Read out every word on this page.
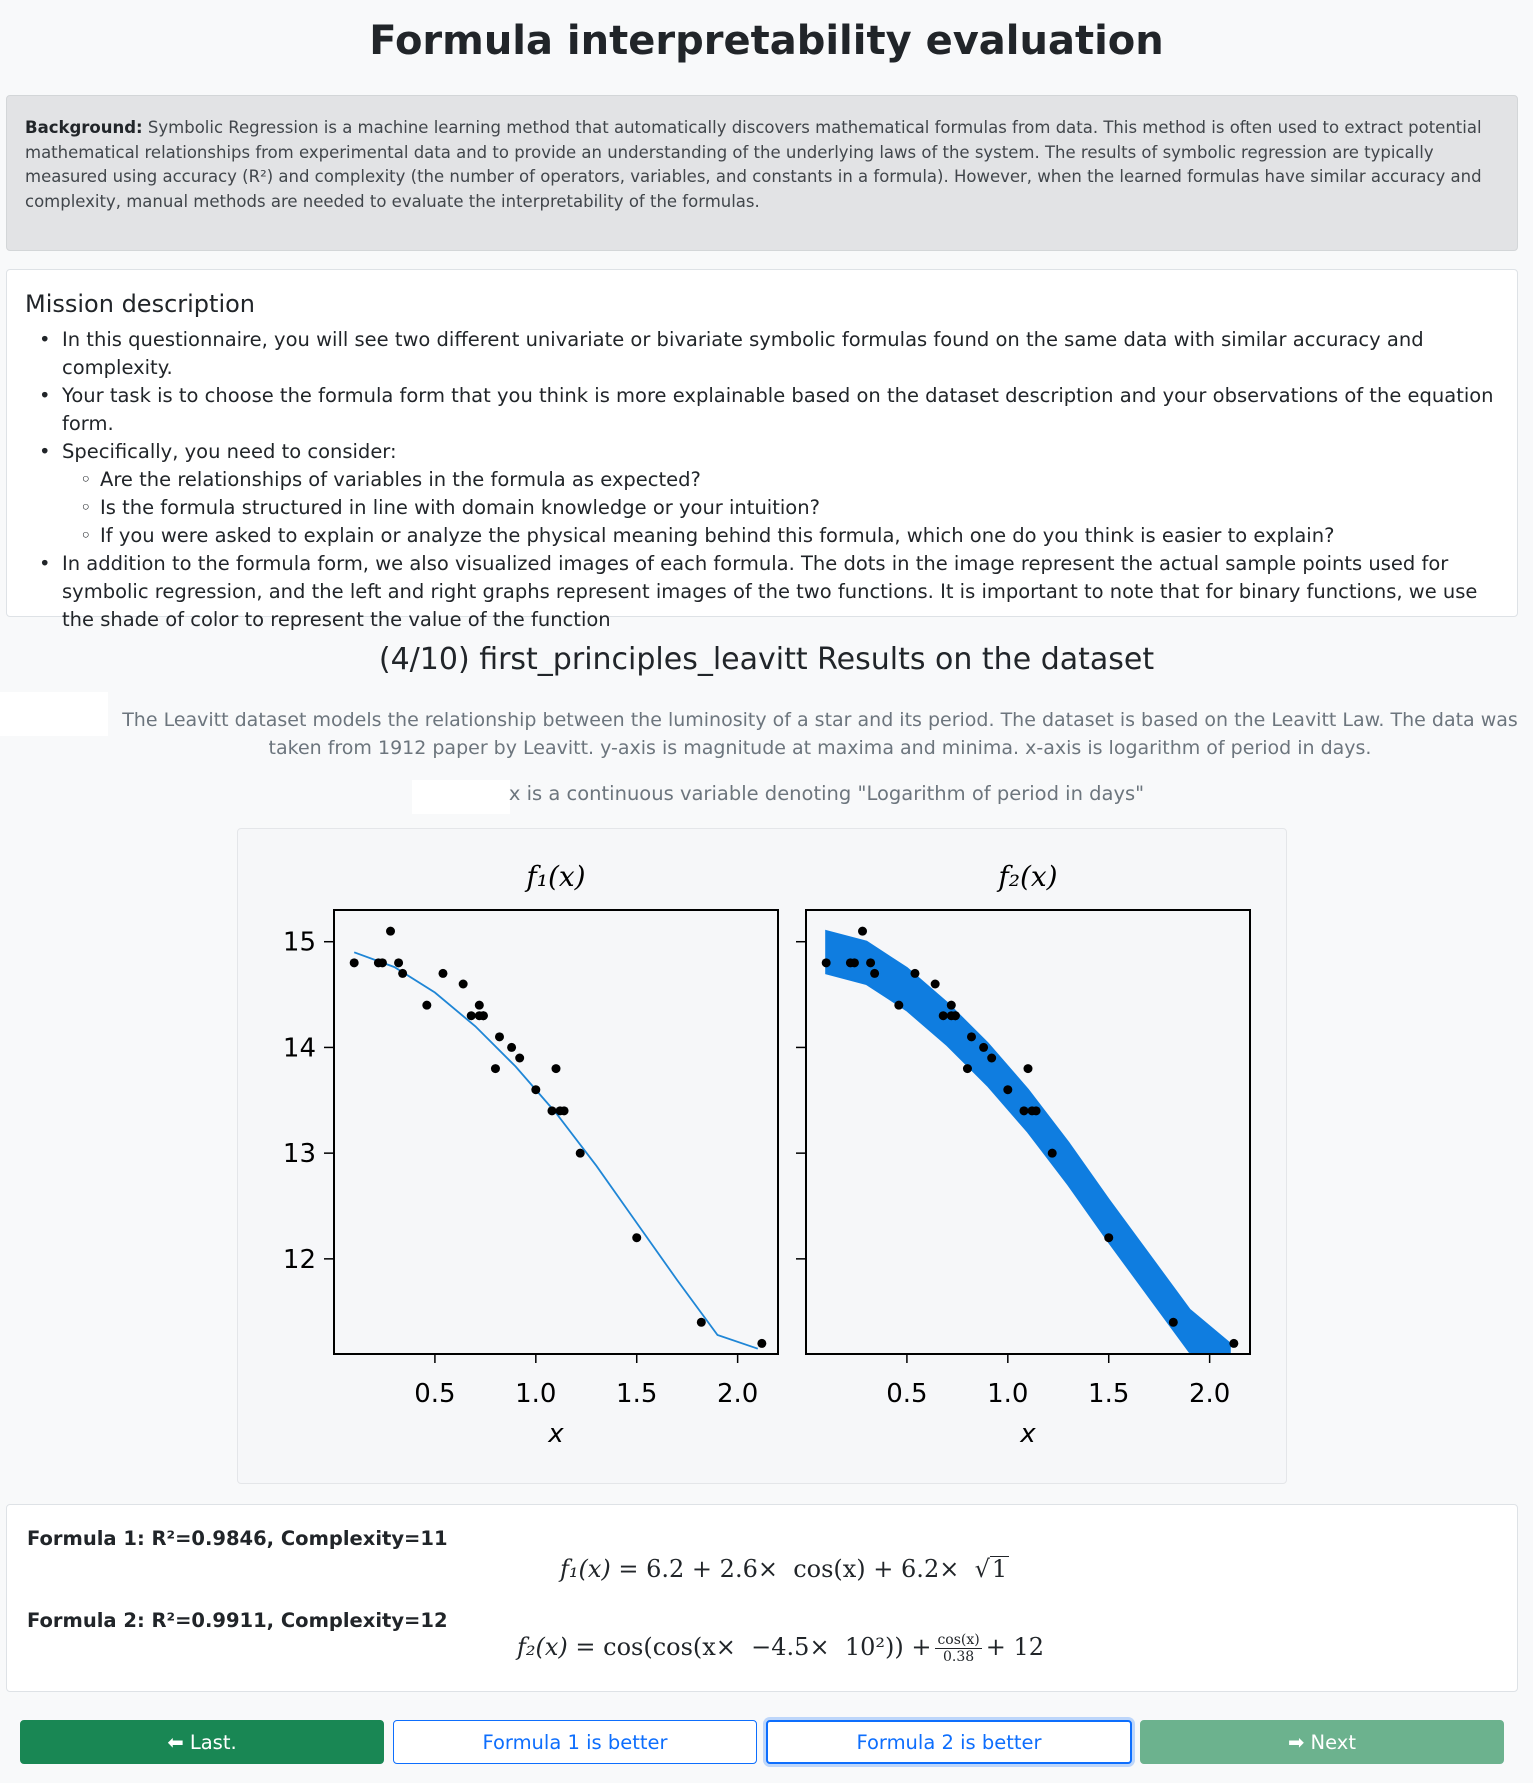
Formula interpretability evaluation
Background: Symbolic Regression is a machine learning method that automatically discovers mathematical formulas from data. This method is often used to extract potential mathematical relationships from experimental data and to provide an understanding of the underlying laws of the system. The results of symbolic regression are typically measured using accuracy (R²) and complexity (the number of operators, variables, and constants in a formula). However, when the learned formulas have similar accuracy and complexity, manual methods are needed to evaluate the interpretability of the formulas.
Mission description
• In this questionnaire, you will see two different univariate or bivariate symbolic formulas found on the same data with similar accuracy and complexity.
• Your task is to choose the formula form that you think is more explainable based on the dataset description and your observations of the equation form.
• Specifically, you need to consider:
◦ Are the relationships of variables in the formula as expected?
◦ Is the formula structured in line with domain knowledge or your intuition?
◦ If you were asked to explain or analyze the physical meaning behind this formula, which one do you think is easier to explain?
• In addition to the formula form, we also visualized images of each formula. The dots in the image represent the actual sample points used for symbolic regression, and the left and right graphs represent images of the two functions. It is important to note that for binary functions, we use the shade of color to represent the value of the function
(4/10) first_principles_leavitt Results on the dataset
The Leavitt dataset models the relationship between the luminosity of a star and its period. The dataset is based on the Leavitt Law. The data was taken from 1912 paper by Leavitt. y-axis is magnitude at maxima and minima. x-axis is logarithm of period in days.
x is a continuous variable denoting "Logarithm of period in days"
0.5 1.0 1.5 2.0
12
13
14
15
f₁(x)
x
0.5 1.0 1.5 2.0
f₂(x)
x
Formula 1: R²=0.9846, Complexity=11
f₁(x) = 6.2 + 2.6×  cos(x) + 6.2×  √1
Formula 2: R²=0.9911, Complexity=12
$f_2(x) = \cos(\cos(x\times -4.5\times 10^2)) + \frac{\cos(x)}{0.38} + 12$
⬅ Last.	Formula 1 is better	Formula 2 is better	➡ Next
